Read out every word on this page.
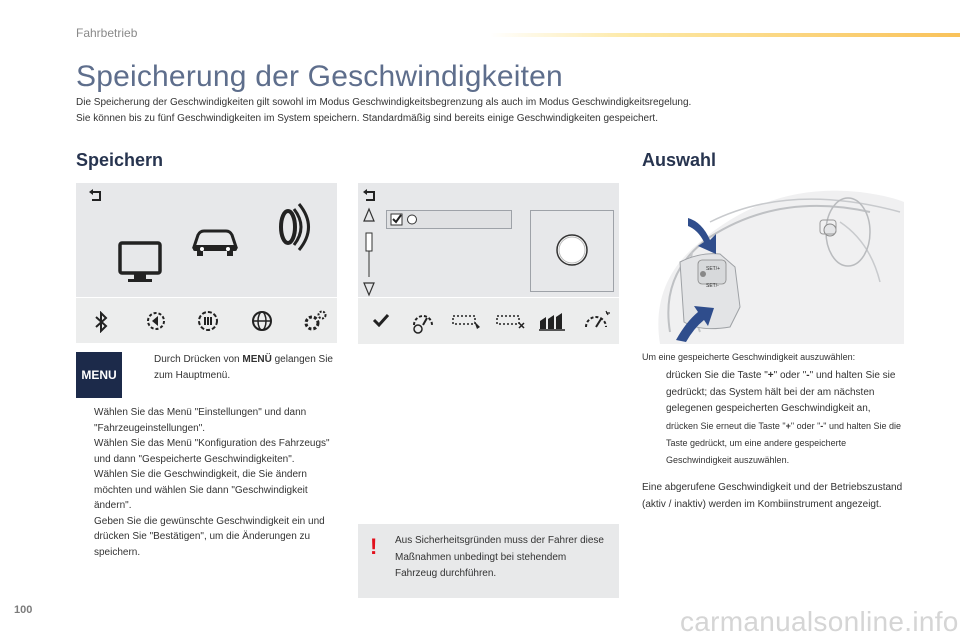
Fahrbetrieb
Speicherung der Geschwindigkeiten
Die Speicherung der Geschwindigkeiten gilt sowohl im Modus Geschwindigkeitsbegrenzung als auch im Modus Geschwindigkeitsregelung.
Sie können bis zu fünf Geschwindigkeiten im System speichern. Standardmäßig sind bereits einige Geschwindigkeiten gespeichert.
Speichern	Auswahl
SET/+
SET/-
MENU
Durch Drücken von MENÜ gelangen Sie zum Hauptmenü.
Wählen Sie das Menü "Einstellungen" und dann "Fahrzeugeinstellungen".
Wählen Sie das Menü "Konfiguration des Fahrzeugs" und dann "Gespeicherte Geschwindigkeiten".
Wählen Sie die Geschwindigkeit, die Sie ändern möchten und wählen Sie dann "Geschwindigkeit ändern".
Geben Sie die gewünschte Geschwindigkeit ein und drücken Sie "Bestätigen", um die Änderungen zu speichern.	! Aus Sicherheitsgründen muss der Fahrer diese Maßnahmen unbedingt bei stehendem Fahrzeug durchführen.
Um eine gespeicherte Geschwindigkeit auszuwählen:
drücken Sie die Taste "+" oder "-" und halten Sie sie gedrückt; das System hält bei der am nächsten gelegenen gespeicherten Geschwindigkeit an,
drücken Sie erneut die Taste "+" oder "-" und halten Sie die Taste gedrückt, um eine andere gespeicherte Geschwindigkeit auszuwählen.
Eine abgerufene Geschwindigkeit und der Betriebszustand (aktiv / inaktiv) werden im Kombiinstrument angezeigt.
100	carmanualsonline.info
